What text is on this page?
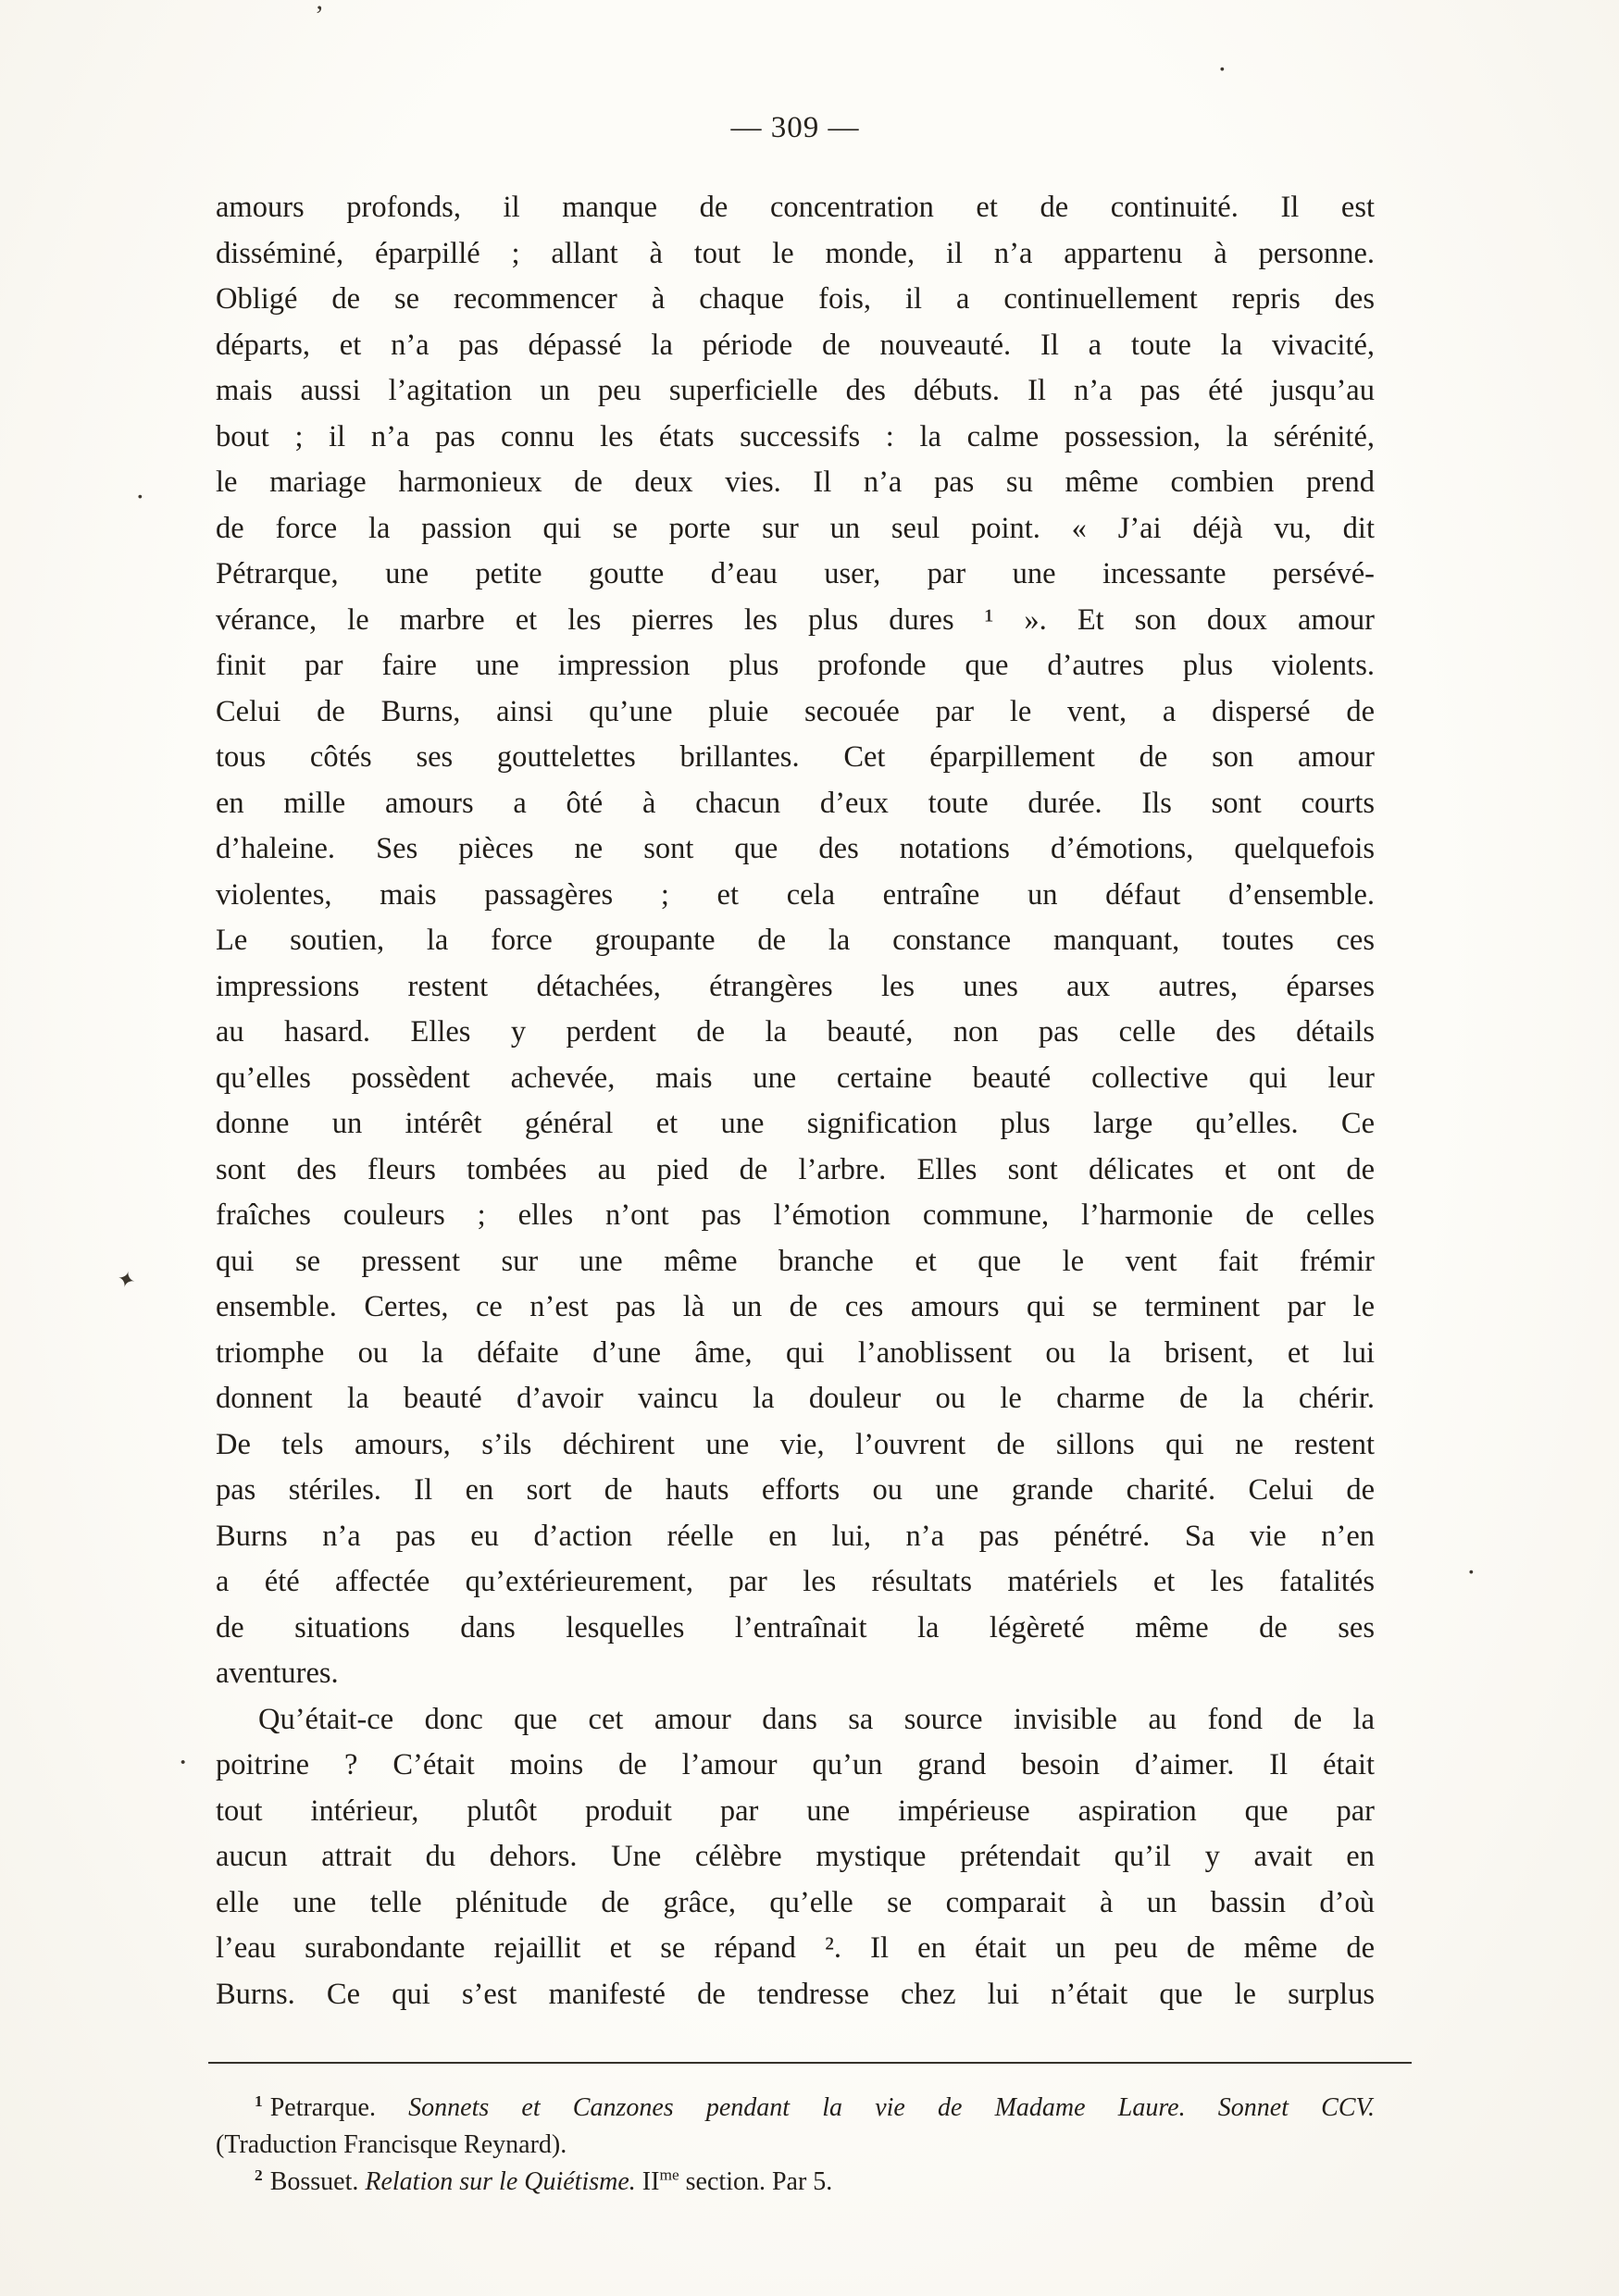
— 309 —
amours profonds, il manque de concentration et de continuité. Il est
disséminé, éparpillé ; allant à tout le monde, il n’a appartenu à personne.
Obligé de se recommencer à chaque fois, il a continuellement repris des
départs, et n’a pas dépassé la période de nouveauté. Il a toute la vivacité,
mais aussi l’agitation un peu superficielle des débuts. Il n’a pas été jusqu’au
bout ; il n’a pas connu les états successifs : la calme possession, la sérénité,
le mariage harmonieux de deux vies. Il n’a pas su même combien prend
de force la passion qui se porte sur un seul point. « J’ai déjà vu, dit
Pétrarque, une petite goutte d’eau user, par une incessante persévé-
vérance, le marbre et les pierres les plus dures ¹ ». Et son doux amour
finit par faire une impression plus profonde que d’autres plus violents.
Celui de Burns, ainsi qu’une pluie secouée par le vent, a dispersé de
tous côtés ses gouttelettes brillantes. Cet éparpillement de son amour
en mille amours a ôté à chacun d’eux toute durée. Ils sont courts
d’haleine. Ses pièces ne sont que des notations d’émotions, quelquefois
violentes, mais passagères ; et cela entraîne un défaut d’ensemble.
Le soutien, la force groupante de la constance manquant, toutes ces
impressions restent détachées, étrangères les unes aux autres, éparses
au hasard. Elles y perdent de la beauté, non pas celle des détails
qu’elles possèdent achevée, mais une certaine beauté collective qui leur
donne un intérêt général et une signification plus large qu’elles. Ce
sont des fleurs tombées au pied de l’arbre. Elles sont délicates et ont de
fraîches couleurs ; elles n’ont pas l’émotion commune, l’harmonie de celles
qui se pressent sur une même branche et que le vent fait frémir
ensemble. Certes, ce n’est pas là un de ces amours qui se terminent par le
triomphe ou la défaite d’une âme, qui l’anoblissent ou la brisent, et lui
donnent la beauté d’avoir vaincu la douleur ou le charme de la chérir.
De tels amours, s’ils déchirent une vie, l’ouvrent de sillons qui ne restent
pas stériles. Il en sort de hauts efforts ou une grande charité. Celui de
Burns n’a pas eu d’action réelle en lui, n’a pas pénétré. Sa vie n’en
a été affectée qu’extérieurement, par les résultats matériels et les fatalités
de situations dans lesquelles l’entraînait la légèreté même de ses
aventures.
Qu’était-ce donc que cet amour dans sa source invisible au fond de la
poitrine ? C’était moins de l’amour qu’un grand besoin d’aimer. Il était
tout intérieur, plutôt produit par une impérieuse aspiration que par
aucun attrait du dehors. Une célèbre mystique prétendait qu’il y avait en
elle une telle plénitude de grâce, qu’elle se comparait à un bassin d’où
l’eau surabondante rejaillit et se répand ². Il en était un peu de même de
Burns. Ce qui s’est manifesté de tendresse chez lui n’était que le surplus
$^1$ Petrarque. Sonnets et Canzones pendant la vie de Madame Laure. Sonnet CCV.
(Traduction Francisque Reynard).
$^2$ Bossuet. Relation sur le Quiétisme. $II^{me}$ section. Par 5.
’
✦
·
·
·
·
